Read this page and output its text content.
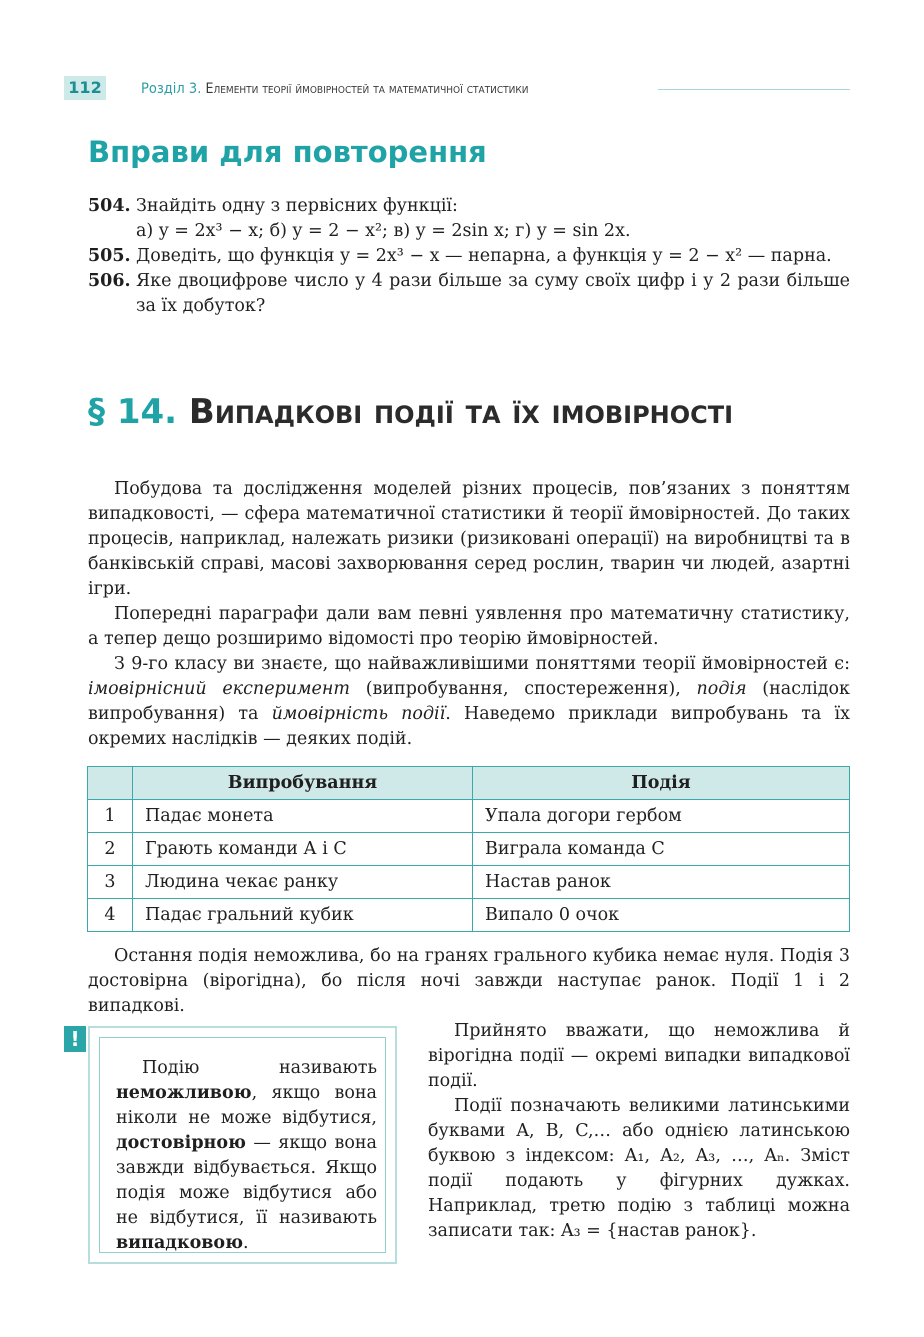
112	Розділ 3. Елементи теорії ймовірностей та математичної статистики
Вправи для повторення
504. Знайдіть одну з первісних функції:
а) y = 2x³ − x; б) y = 2 − x²; в) y = 2sin x; г) y = sin 2x.
505. Доведіть, що функція y = 2x³ − x — непарна, а функція y = 2 − x² — парна.
506. Яке двоцифрове число у 4 рази більше за суму своїх цифр і у 2 рази більше за їх добуток?
§ 14. Випадкові події та їх імовірності

Побудова та дослідження моделей різних процесів, пов’язаних з поняттям випадковості, — сфера математичної статистики й теорії ймовірностей. До таких процесів, наприклад, належать ризики (ризиковані операції) на виробництві та в банківській справі, масові захворювання серед рослин, тварин чи людей, азартні ігри.

Попередні параграфи дали вам певні уявлення про математичну статистику, а тепер дещо розширимо відомості про теорію ймовірностей.

З 9-го класу ви знаєте, що найважливішими поняттями теорії ймовірностей є: імовірнісний експеримент (випробування, спостереження), подія (наслідок випробування) та ймовірність події. Наведемо приклади випробувань та їх окремих наслідків — деяких подій.

	Випробування	Подія
1	Падає монета	Упала догори гербом
2	Грають команди А і С	Виграла команда С
3	Людина чекає ранку	Настав ранок
4	Падає гральний кубик	Випало 0 очок

Остання подія неможлива, бо на гранях грального кубика немає нуля. Подія 3 достовірна (вірогідна), бо після ночі завжди наступає ранок. Події 1 і 2 випадкові.

!

Подію називають неможливою, якщо вона ніколи не може відбутися, достовірною — якщо вона завжди відбувається. Якщо подія може відбутися або не відбутися, її називають випадковою.

Прийнято вважати, що неможлива й вірогідна події — окремі випадки випадкової події.

Події позначають великими латинськими буквами A, B, C,… або однією латинською буквою з індексом: A₁, A₂, A₃, …, Aₙ. Зміст події подають у фігурних дужках. Наприклад, третю подію з таблиці можна записати так: A₃ = {настав ранок}.
